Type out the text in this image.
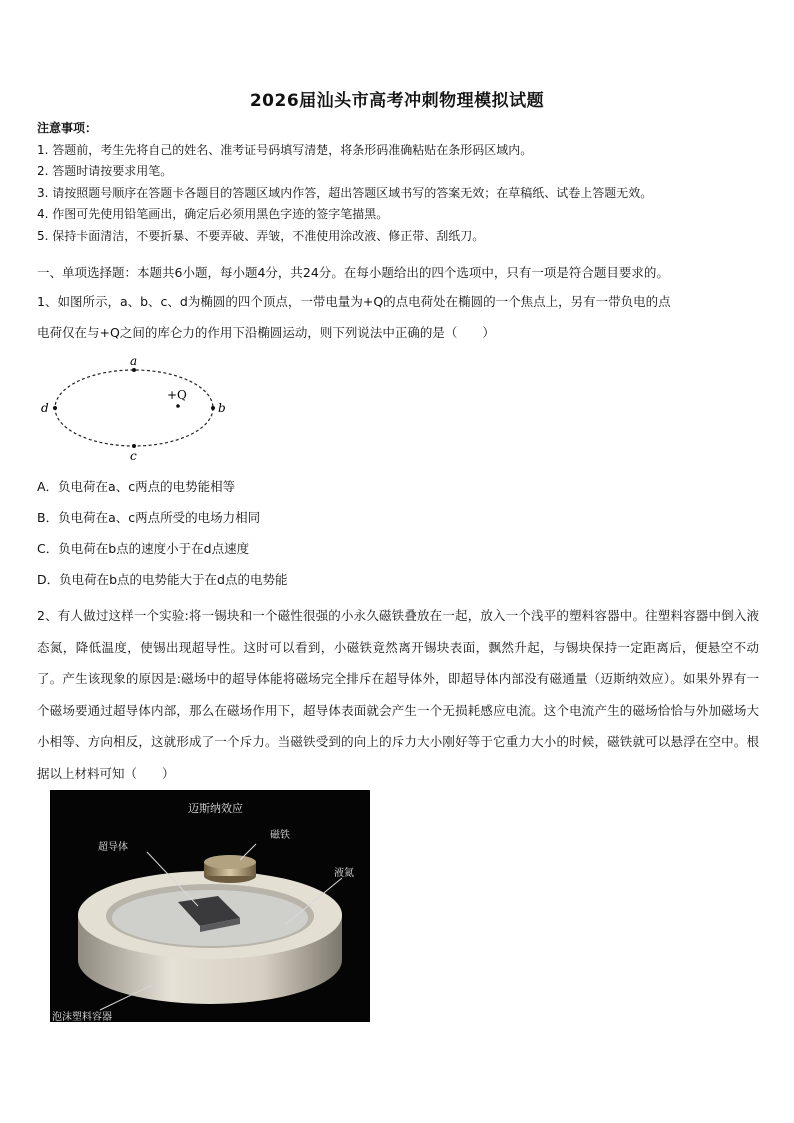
2026届汕头市高考冲刺物理模拟试题
注意事项：
1. 答题前，考生先将自己的姓名、准考证号码填写清楚，将条形码准确粘贴在条形码区域内。
2. 答题时请按要求用笔。
3. 请按照题号顺序在答题卡各题目的答题区域内作答，超出答题区域书写的答案无效；在草稿纸、试卷上答题无效。
4. 作图可先使用铅笔画出，确定后必须用黑色字迹的签字笔描黑。
5. 保持卡面清洁，不要折暴、不要弄破、弄皱，不准使用涂改液、修正带、刮纸刀。
一、单项选择题：本题共6小题，每小题4分，共24分。在每小题给出的四个选项中，只有一项是符合题目要求的。
1、如图所示，a、b、c、d为椭圆的四个顶点，一带电量为+Q的点电荷处在椭圆的一个焦点上，另有一带负电的点
电荷仅在与+Q之间的库仑力的作用下沿椭圆运动，则下列说法中正确的是（　　）
a
b
c
d
+Q
A．负电荷在a、c两点的电势能相等
B．负电荷在a、c两点所受的电场力相同
C．负电荷在b点的速度小于在d点速度
D．负电荷在b点的电势能大于在d点的电势能
2、有人做过这样一个实验:将一锡块和一个磁性很强的小永久磁铁叠放在一起，放入一个浅平的塑料容器中。往塑料容器中倒入液态氮，降低温度，使锡出现超导性。这时可以看到，小磁铁竟然离开锡块表面，飘然升起，与锡块保持一定距离后，便悬空不动了。产生该现象的原因是:磁场中的超导体能将磁场完全排斥在超导体外，即超导体内部没有磁通量（迈斯纳效应）。如果外界有一个磁场要通过超导体内部，那么在磁场作用下，超导体表面就会产生一个无损耗感应电流。这个电流产生的磁场恰恰与外加磁场大小相等、方向相反，这就形成了一个斥力。当磁铁受到的向上的斥力大小刚好等于它重力大小的时候，磁铁就可以悬浮在空中。根据以上材料可知（　　）
迈斯纳效应
超导体
磁铁
液氮
泡沫塑料容器
